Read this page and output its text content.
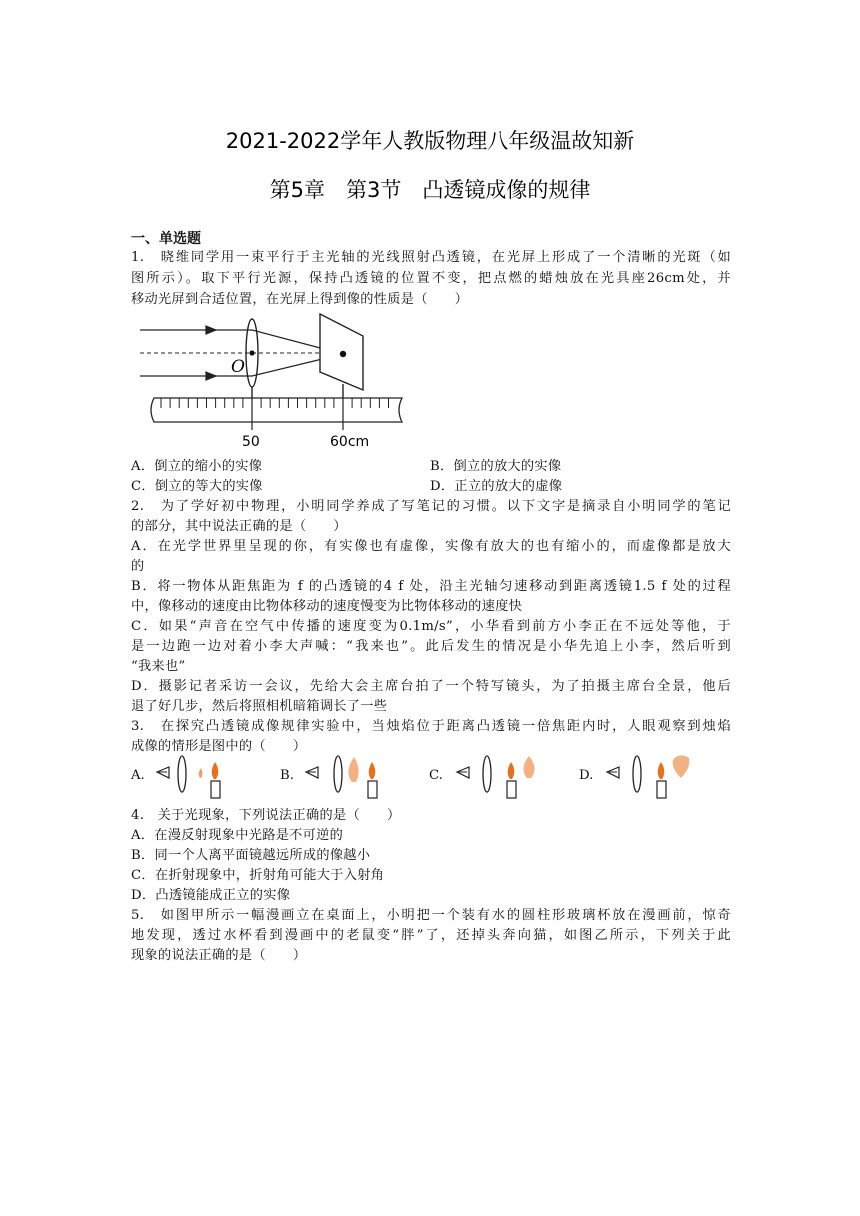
2021-2022学年人教版物理八年级温故知新
第5章　第3节　凸透镜成像的规律
一、单选题
1.　晓维同学用一束平行于主光轴的光线照射凸透镜，在光屏上形成了一个清晰的光斑（如
图所示）。取下平行光源，保持凸透镜的位置不变，把点燃的蜡烛放在光具座26cm处，并
移动光屏到合适位置，在光屏上得到像的性质是（　　）
O
50	60cm
A．倒立的缩小的实像	B．倒立的放大的实像
C．倒立的等大的实像	D．正立的放大的虚像
2.　为了学好初中物理，小明同学养成了写笔记的习惯。以下文字是摘录自小明同学的笔记
的部分，其中说法正确的是（　　）
A．在光学世界里呈现的你，有实像也有虚像，实像有放大的也有缩小的，而虚像都是放大
的
B．将一物体从距焦距为 f 的凸透镜的4 f 处，沿主光轴匀速移动到距离透镜1.5 f 处的过程
中，像移动的速度由比物体移动的速度慢变为比物体移动的速度快
C．如果“声音在空气中传播的速度变为0.1m/s”，小华看到前方小李正在不远处等他，于
是一边跑一边对着小李大声喊：“我来也”。此后发生的情况是小华先追上小李，然后听到
“我来也”
D．摄影记者采访一会议，先给大会主席台拍了一个特写镜头，为了拍摄主席台全景，他后
退了好几步，然后将照相机暗箱调长了一些
3.　在探究凸透镜成像规律实验中，当烛焰位于距离凸透镜一倍焦距内时，人眼观察到烛焰
成像的情形是图中的（　　）
A.	B.	C.	D.
4.　关于光现象，下列说法正确的是（　　）
A．在漫反射现象中光路是不可逆的
B．同一个人离平面镜越远所成的像越小
C．在折射现象中，折射角可能大于入射角
D．凸透镜能成正立的实像
5.　如图甲所示一幅漫画立在桌面上，小明把一个装有水的圆柱形玻璃杯放在漫画前，惊奇
地发现，透过水杯看到漫画中的老鼠变“胖”了，还掉头奔向猫，如图乙所示，下列关于此
现象的说法正确的是（　　）
